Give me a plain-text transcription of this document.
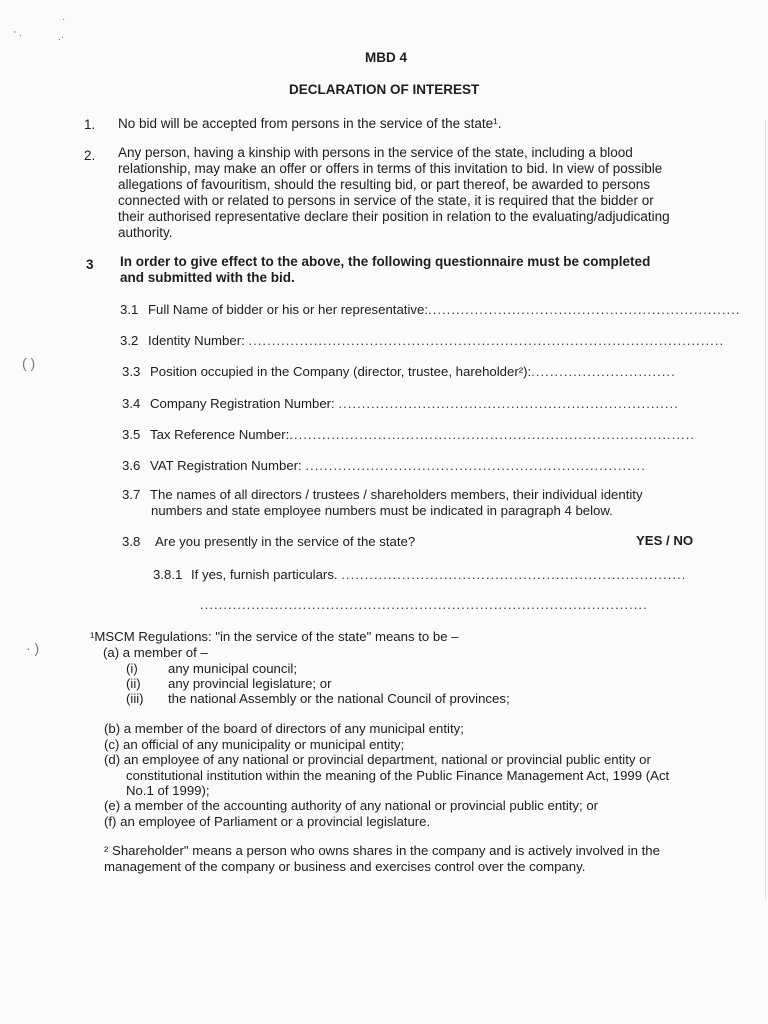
·
' ·	.·
( )
· )
MBD 4
DECLARATION OF INTEREST
1. No bid will be accepted from persons in the service of the state¹.
2. Any person, having a kinship with persons in the service of the state, including a blood
relationship, may make an offer or offers in terms of this invitation to bid. In view of possible
allegations of favouritism, should the resulting bid, or part thereof, be awarded to persons
connected with or related to persons in service of the state, it is required that the bidder or
their authorised representative declare their position in relation to the evaluating/adjudicating
authority.
3 In order to give effect to the above, the following questionnaire must be completed
and submitted with the bid.
3.1 Full Name of bidder or his or her representative:...................................................................
3.2 Identity Number: ......................................................................................................
3.3 Position occupied in the Company (director, trustee, hareholder²):...............................
3.4 Company Registration Number: .........................................................................
3.5 Tax Reference Number:.......................................................................................
3.6 VAT Registration Number: .........................................................................
3.7 The names of all directors / trustees / shareholders members, their individual identity
numbers and state employee numbers must be indicated in paragraph 4 below.
3.8 Are you presently in the service of the state?	YES / NO
3.8.1 If yes, furnish particulars. ..........................................................................
................................................................................................
¹MSCM Regulations: "in the service of the state" means to be –
(a) a member of –
(i)	any municipal council;
(ii)	any provincial legislature; or
(iii)	the national Assembly or the national Council of provinces;
(b) a member of the board of directors of any municipal entity;
(c) an official of any municipality or municipal entity;
(d) an employee of any national or provincial department, national or provincial public entity or
constitutional institution within the meaning of the Public Finance Management Act, 1999 (Act
No.1 of 1999);
(e) a member of the accounting authority of any national or provincial public entity; or
(f) an employee of Parliament or a provincial legislature.
² Shareholder" means a person who owns shares in the company and is actively involved in the
management of the company or business and exercises control over the company.
